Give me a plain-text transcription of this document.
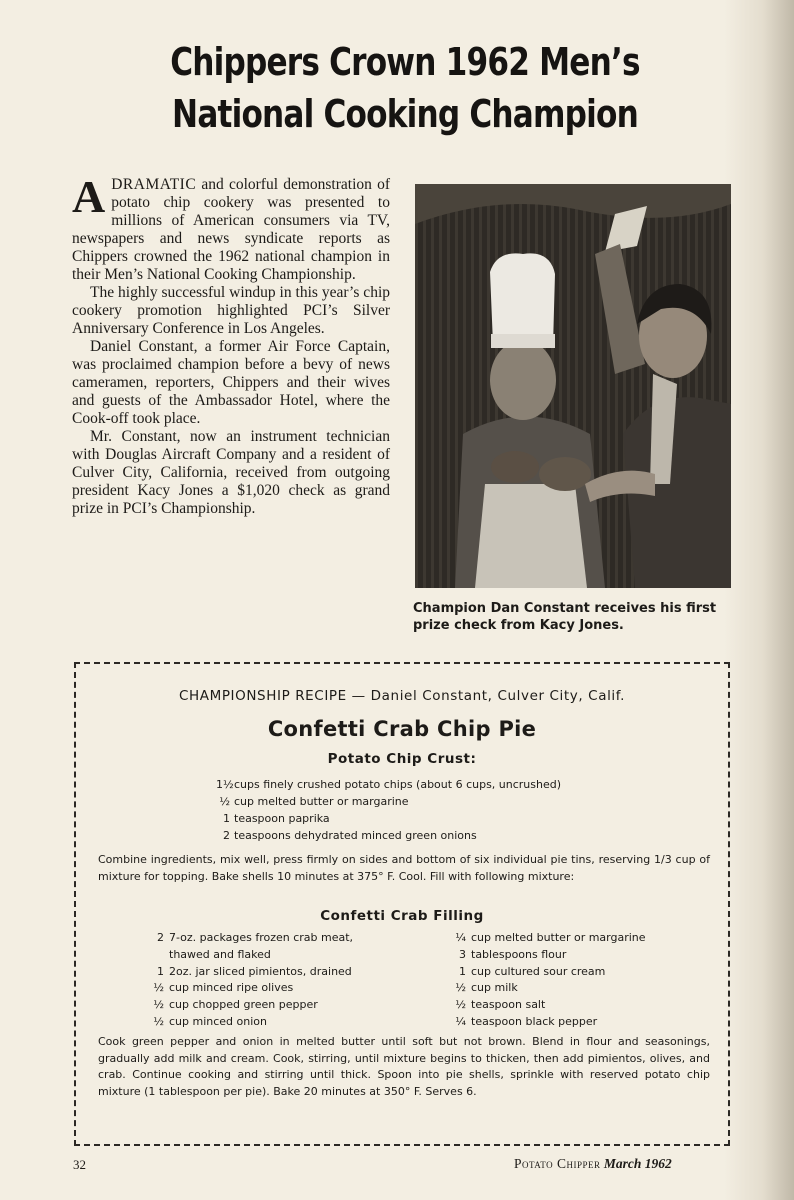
Chippers Crown 1962 Men’s
National Cooking Champion

ADRAMATIC and colorful demonstration of potato chip cookery was presented to millions of American consumers via TV, newspapers and news syndicate reports as Chippers crowned the 1962 national champion in their Men’s National Cooking Championship.

The highly successful windup in this year’s chip cookery promotion highlighted PCI’s Silver Anniversary Conference in Los Angeles.

Daniel Constant, a former Air Force Captain, was proclaimed champion before a bevy of news cameramen, reporters, Chippers and their wives and guests of the Ambassador Hotel, where the Cook-off took place.

Mr. Constant, now an instrument technician with Douglas Aircraft Company and a resident of Culver City, California, received from outgoing president Kacy Jones a $1,020 check as grand prize in PCI’s Championship.

Champion Dan Constant receives his first prize check from Kacy Jones.
CHAMPIONSHIP RECIPE — Daniel Constant, Culver City, Calif.
Confetti Crab Chip Pie
Potato Chip Crust:
1½cups finely crushed potato chips (about 6 cups, uncrushed)
½ cup melted butter or margarine
1 teaspoon paprika
2 teaspoons dehydrated minced green onions
Combine ingredients, mix well, press firmly on sides and bottom of six individual pie tins, reserving 1/3 cup of mixture for topping. Bake shells 10 minutes at 375° F. Cool. Fill with following mixture:
Confetti Crab Filling
2 7-oz. packages frozen crab meat,
thawed and flaked
1 2oz. jar sliced pimientos, drained
½ cup minced ripe olives
½ cup chopped green pepper
½ cup minced onion
¼ cup melted butter or margarine
3 tablespoons flour
1 cup cultured sour cream
½ cup milk
½ teaspoon salt
¼ teaspoon black pepper
Cook green pepper and onion in melted butter until soft but not brown. Blend in flour and seasonings, gradually add milk and cream. Cook, stirring, until mixture begins to thicken, then add pimientos, olives, and crab. Continue cooking and stirring until thick. Spoon into pie shells, sprinkle with reserved potato chip mixture (1 tablespoon per pie). Bake 20 minutes at 350° F. Serves 6.
32	Potato Chipper March 1962
